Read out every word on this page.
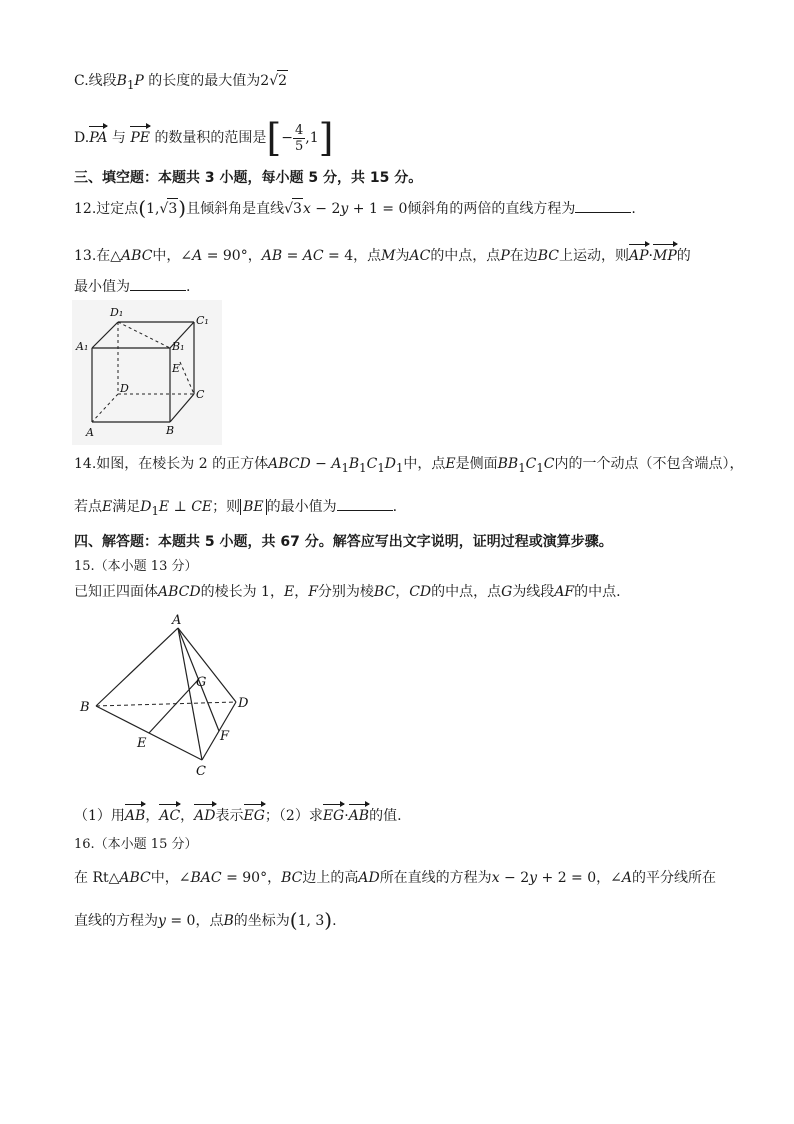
C.线段$B_1P$ 的长度的最大值为2√2
D.PA 与 PE 的数量积的范围是[− $\frac{4}{5} ,1$]
三、填空题：本题共 3 小题，每小题 5 分，共 15 分。
12.过定点(1,√3)且倾斜角是直线√3x − 2y + 1 = 0倾斜角的两倍的直线方程为	.
13.在△ABC中，∠A = 90°，AB = AC = 4，点M为AC的中点，点P在边BC上运动，则AP·MP的
最小值为	.
D₁
C₁
A₁	B₁
E
D	C
A	B
14.如图，在棱长为 2 的正方体ABCD − $A_1B_1C_1D_1$中，点E是侧面$BB_1C_1C$内的一个动点（不包含端点），
若点E满足$D_1E$ ⊥ CE；则 BE 的最小值为	.
四、解答题：本题共 5 小题，共 67 分。解答应写出文字说明，证明过程或演算步骤。
15.（本小题 13 分）
已知正四面体ABCD的棱长为 1，E，F分别为棱BC，CD的中点，点G为线段AF的中点.
A
G
B	D
E	F
C
（1）用AB，AC，AD表示EG；（2）求EG·AB的值.
16.（本小题 15 分）
在 Rt△ABC中，∠BAC = 90°，BC边上的高AD所在直线的方程为x − 2y + 2 = 0，∠A的平分线所在
直线的方程为y = 0，点B的坐标为(1, 3).
